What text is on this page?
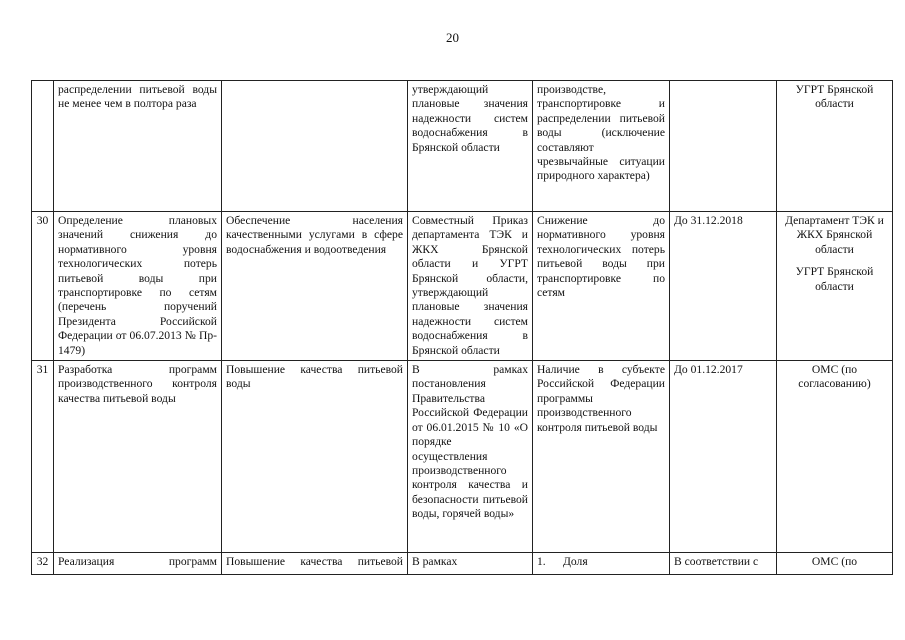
20
	распределении питьевой воды не менее чем в полтора раза		утверждающий плановые значения надежности систем водоснабжения в Брянской области	производстве, транспортировке и распределении питьевой воды (исключение составляют чрезвычайные ситуации природного характера)		УГРТ Брянской области

30	Определение плановых значений снижения до нормативного уровня технологических потерь питьевой воды при транспортировке по сетям (перечень поручений Президента Российской Федерации от 06.07.2013 № Пр- 1479)	Обеспечение населения качественными услугами в сфере водоснабжения и водоотведения	Совместный Приказ департамента ТЭК и ЖКХ Брянской области и УГРТ Брянской области, утверждающий плановые значения надежности систем водоснабжения в Брянской области	Снижение до нормативного уровня технологических потерь питьевой воды при транспортировке по сетям	До 31.12.2018	Департамент ТЭК и ЖКХ Брянской области
УГРТ Брянской области

31	Разработка программ производственного контроля качества питьевой воды	Повышение качества питьевой воды	В рамках постановления Правительства Российской Федерации от 06.01.2015 № 10 «О порядке осуществления производственного контроля качества и безопасности питьевой воды, горячей воды»	Наличие в субъекте Российской Федерации программы производственного контроля питьевой воды	До 01.12.2017	ОМС (по согласованию)

32	Реализация программ	Повышение качества питьевой	В рамках	1. Доля	В соответствии с	ОМС (по
